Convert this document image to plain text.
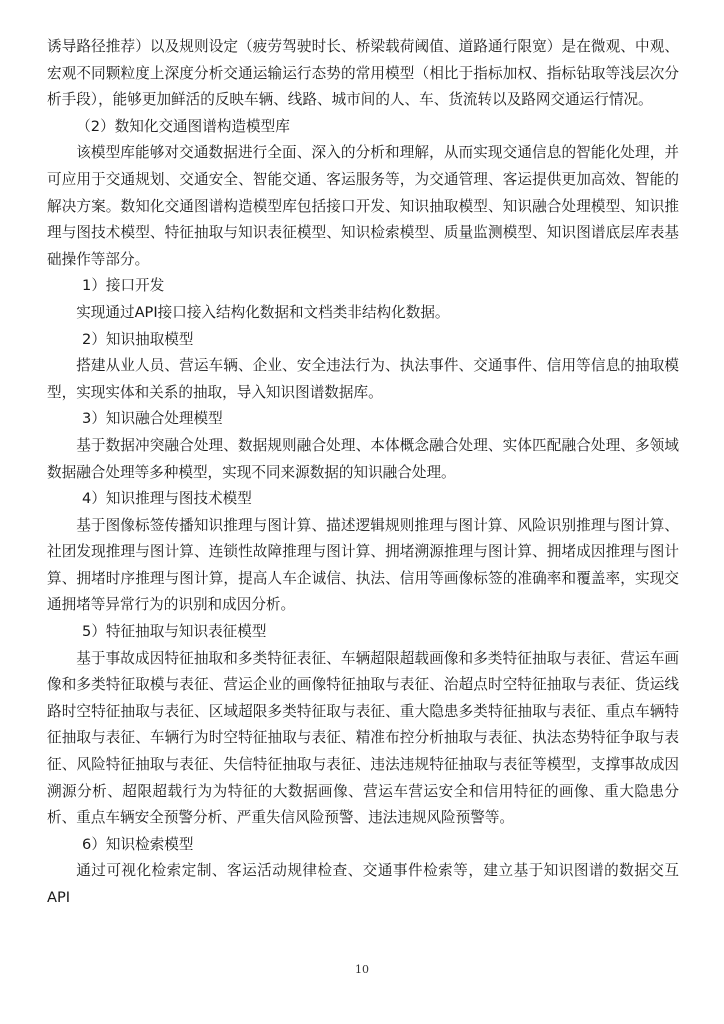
诱导路径推荐）以及规则设定（疲劳驾驶时长、桥梁载荷阈值、道路通行限宽）是在微观、中观、宏观不同颗粒度上深度分析交通运输运行态势的常用模型（相比于指标加权、指标钻取等浅层次分析手段），能够更加鲜活的反映车辆、线路、城市间的人、车、货流转以及路网交通运行情况。

（2）数知化交通图谱构造模型库

该模型库能够对交通数据进行全面、深入的分析和理解，从而实现交通信息的智能化处理，并可应用于交通规划、交通安全、智能交通、客运服务等，为交通管理、客运提供更加高效、智能的解决方案。数知化交通图谱构造模型库包括接口开发、知识抽取模型、知识融合处理模型、知识推理与图技术模型、特征抽取与知识表征模型、知识检索模型、质量监测模型、知识图谱底层库表基础操作等部分。

1）接口开发

实现通过API接口接入结构化数据和文档类非结构化数据。

2）知识抽取模型

搭建从业人员、营运车辆、企业、安全违法行为、执法事件、交通事件、信用等信息的抽取模型，实现实体和关系的抽取，导入知识图谱数据库。

3）知识融合处理模型

基于数据冲突融合处理、数据规则融合处理、本体概念融合处理、实体匹配融合处理、多领域数据融合处理等多种模型，实现不同来源数据的知识融合处理。

4）知识推理与图技术模型

基于图像标签传播知识推理与图计算、描述逻辑规则推理与图计算、风险识别推理与图计算、社团发现推理与图计算、连锁性故障推理与图计算、拥堵溯源推理与图计算、拥堵成因推理与图计算、拥堵时序推理与图计算，提高人车企诚信、执法、信用等画像标签的准确率和覆盖率，实现交通拥堵等异常行为的识别和成因分析。

5）特征抽取与知识表征模型

基于事故成因特征抽取和多类特征表征、车辆超限超载画像和多类特征抽取与表征、营运车画像和多类特征取模与表征、营运企业的画像特征抽取与表征、治超点时空特征抽取与表征、货运线路时空特征抽取与表征、区域超限多类特征取与表征、重大隐患多类特征抽取与表征、重点车辆特征抽取与表征、车辆行为时空特征抽取与表征、精准布控分析抽取与表征、执法态势特征争取与表征、风险特征抽取与表征、失信特征抽取与表征、违法违规特征抽取与表征等模型，支撑事故成因溯源分析、超限超载行为为特征的大数据画像、营运车营运安全和信用特征的画像、重大隐患分析、重点车辆安全预警分析、严重失信风险预警、违法违规风险预警等。

6）知识检索模型

通过可视化检索定制、客运活动规律检查、交通事件检索等，建立基于知识图谱的数据交互API

10
